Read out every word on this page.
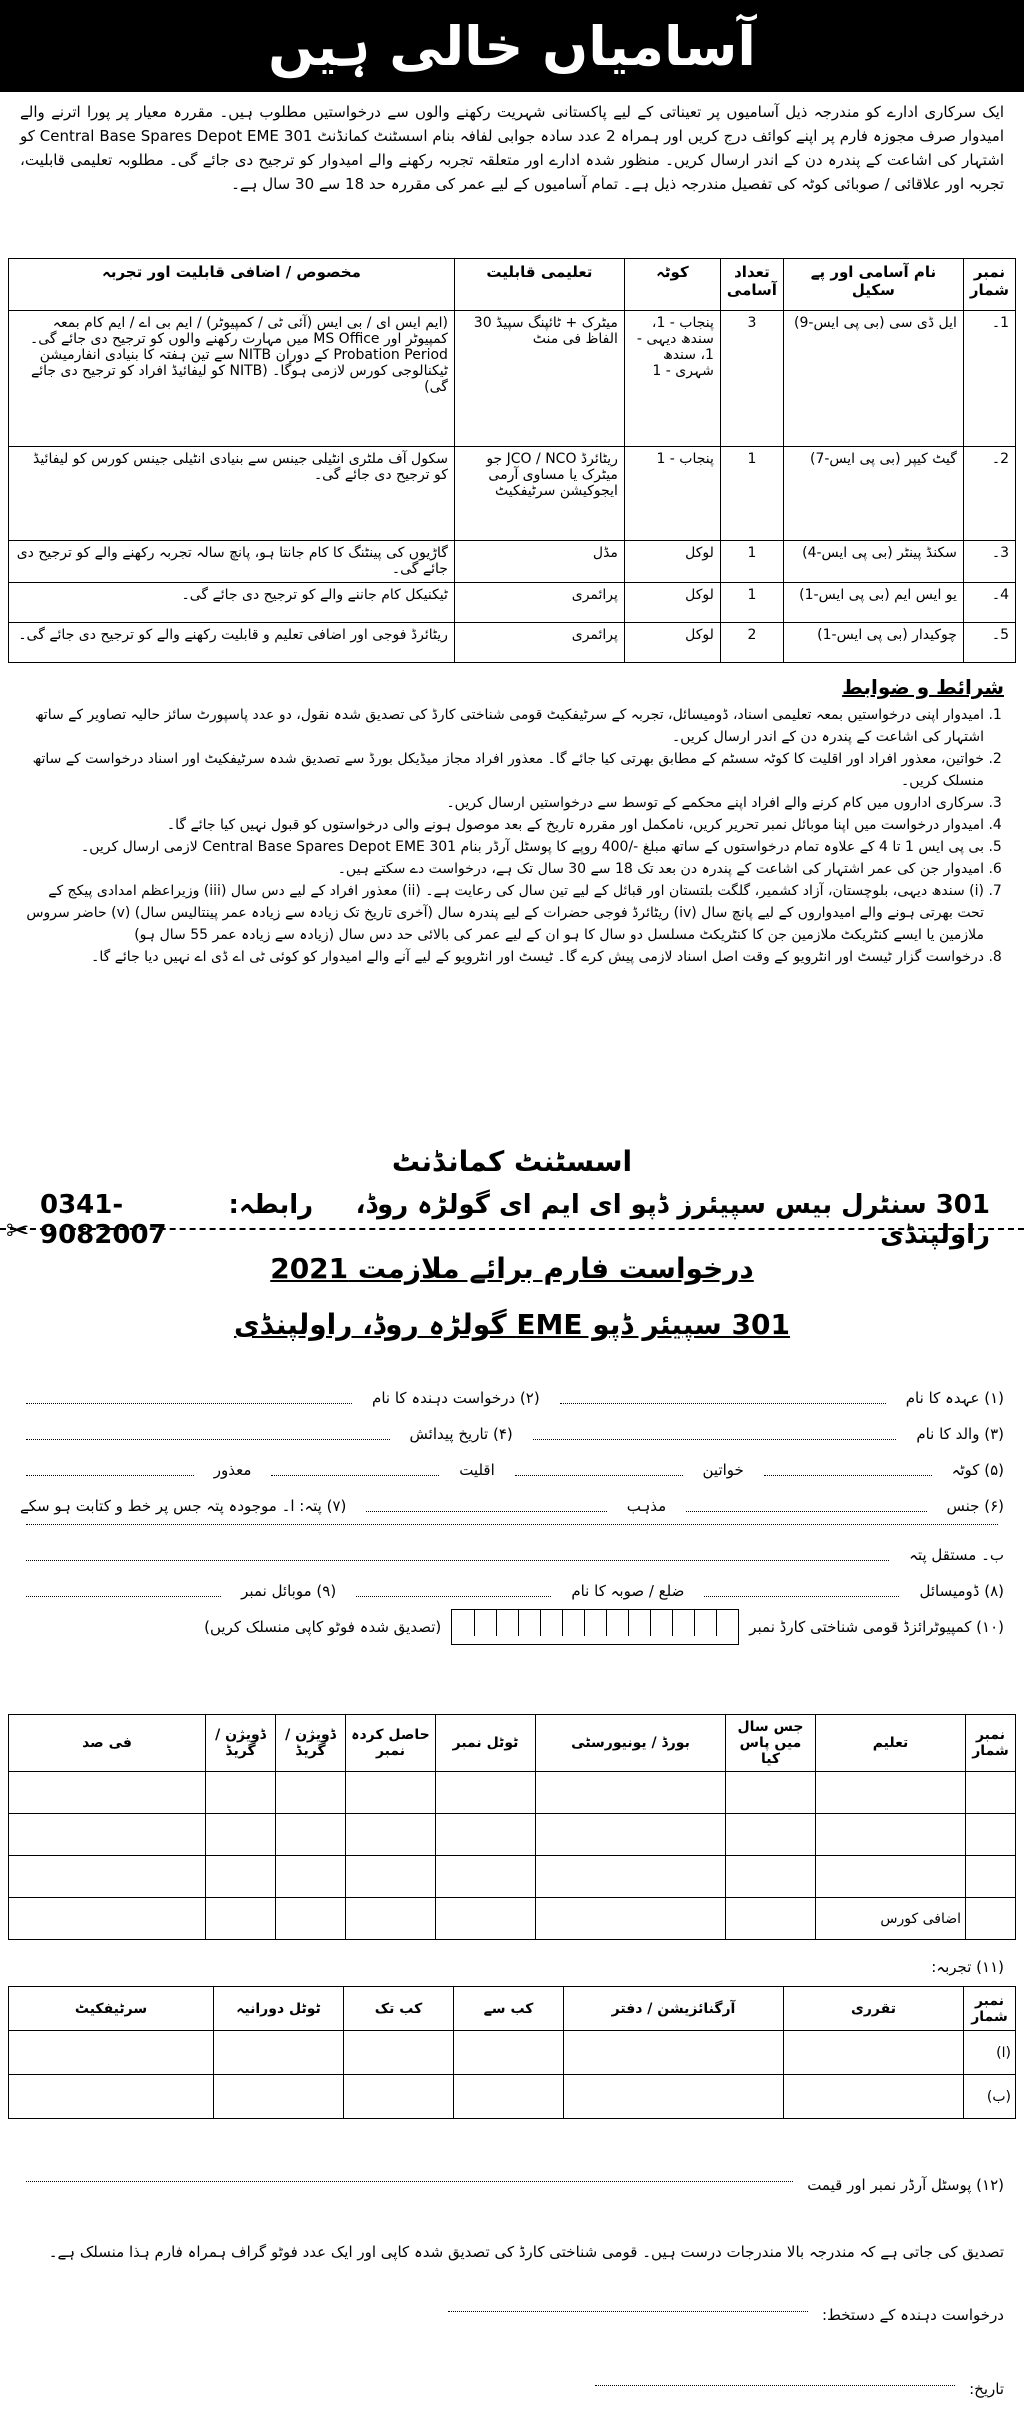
آسامیاں خالی ہیں
ایک سرکاری ادارے کو مندرجہ ذیل آسامیوں پر تعیناتی کے لیے پاکستانی شہریت رکھنے والوں سے درخواستیں مطلوب ہیں۔ مقررہ معیار پر پورا اترنے والے امیدوار صرف مجوزہ فارم پر اپنے کوائف درج کریں اور ہمراہ 2 عدد سادہ جوابی لفافہ بنام اسسٹنٹ کمانڈنٹ 301 Central Base Spares Depot EME کو اشتہار کی اشاعت کے پندرہ دن کے اندر ارسال کریں۔ منظور شدہ ادارے اور متعلقہ تجربہ رکھنے والے امیدوار کو ترجیح دی جائے گی۔ مطلوبہ تعلیمی قابلیت، تجربہ اور علاقائی / صوبائی کوٹہ کی تفصیل مندرجہ ذیل ہے۔ تمام آسامیوں کے لیے عمر کی مقررہ حد 18 سے 30 سال ہے۔
نمبر شمار	نام آسامی اور پے سکیل	تعداد آسامی	کوٹہ	تعلیمی قابلیت	مخصوص / اضافی قابلیت اور تجربہ
1۔	ایل ڈی سی (بی پی ایس-9)	3	پنجاب - 1، سندھ دیہی - 1، سندھ شہری - 1	میٹرک + ٹائپنگ سپیڈ 30 الفاظ فی منٹ	(ایم ایس ای / بی ایس (آئی ٹی / کمپیوٹر) / ایم بی اے / ایم کام بمعہ کمپیوٹر اور MS Office میں مہارت رکھنے والوں کو ترجیح دی جائے گی۔ Probation Period کے دوران NITB سے تین ہفتہ کا بنیادی انفارمیشن ٹیکنالوجی کورس لازمی ہوگا۔ (NITB کو لیفائیڈ افراد کو ترجیح دی جائے گی)
2۔	گیٹ کیپر (بی پی ایس-7)	1	پنجاب - 1	ریٹائرڈ JCO / NCO جو میٹرک یا مساوی آرمی ایجوکیشن سرٹیفکیٹ	سکول آف ملٹری انٹیلی جینس سے بنیادی انٹیلی جینس کورس کو لیفائیڈ کو ترجیح دی جائے گی۔
3۔	سکنڈ پینٹر (بی پی ایس-4)	1	لوکل	مڈل	گاڑیوں کی پینٹنگ کا کام جانتا ہو، پانچ سالہ تجربہ رکھنے والے کو ترجیح دی جائے گی۔
4۔	یو ایس ایم (بی پی ایس-1)	1	لوکل	پرائمری	ٹیکنیکل کام جاننے والے کو ترجیح دی جائے گی۔
5۔	چوکیدار (بی پی ایس-1)	2	لوکل	پرائمری	ریٹائرڈ فوجی اور اضافی تعلیم و قابلیت رکھنے والے کو ترجیح دی جائے گی۔
شرائط و ضوابط
1. امیدوار اپنی درخواستیں بمعہ تعلیمی اسناد، ڈومیسائل، تجربہ کے سرٹیفکیٹ قومی شناختی کارڈ کی تصدیق شدہ نقول، دو عدد پاسپورٹ سائز حالیہ تصاویر کے ساتھ اشتہار کی اشاعت کے پندرہ دن کے اندر ارسال کریں۔
2. خواتین، معذور افراد اور اقلیت کا کوٹہ سسٹم کے مطابق بھرتی کیا جائے گا۔ معذور افراد مجاز میڈیکل بورڈ سے تصدیق شدہ سرٹیفکیٹ اور اسناد درخواست کے ساتھ منسلک کریں۔
3. سرکاری اداروں میں کام کرنے والے افراد اپنے محکمے کے توسط سے درخواستیں ارسال کریں۔
4. امیدوار درخواست میں اپنا موبائل نمبر تحریر کریں، نامکمل اور مقررہ تاریخ کے بعد موصول ہونے والی درخواستوں کو قبول نہیں کیا جائے گا۔
5. بی پی ایس 1 تا 4 کے علاوہ تمام درخواستوں کے ساتھ مبلغ -/400 روپے کا پوسٹل آرڈر بنام 301 Central Base Spares Depot EME لازمی ارسال کریں۔
6. امیدوار جن کی عمر اشتہار کی اشاعت کے پندرہ دن بعد تک 18 سے 30 سال تک ہے، درخواست دے سکتے ہیں۔
7. (i) سندھ دیہی، بلوچستان، آزاد کشمیر، گلگت بلتستان اور قبائل کے لیے تین سال کی رعایت ہے۔ (ii) معذور افراد کے لیے دس سال (iii) وزیراعظم امدادی پیکج کے تحت بھرتی ہونے والے امیدواروں کے لیے پانچ سال (iv) ریٹائرڈ فوجی حضرات کے لیے پندرہ سال (آخری تاریخ تک زیادہ سے زیادہ عمر پینتالیس سال) (v) حاضر سروس ملازمین یا ایسے کنٹریکٹ ملازمین جن کا کنٹریکٹ مسلسل دو سال کا ہو ان کے لیے عمر کی بالائی حد دس سال (زیادہ سے زیادہ عمر 55 سال ہو)
8. درخواست گزار ٹیسٹ اور انٹرویو کے وقت اصل اسناد لازمی پیش کرے گا۔ ٹیسٹ اور انٹرویو کے لیے آنے والے امیدوار کو کوئی ٹی اے ڈی اے نہیں دیا جائے گا۔
اسسٹنٹ کمانڈنٹ
0341-9082007
رابطہ:	301 سنٹرل بیس سپیئرز ڈپو ای ایم ای گولڑہ روڈ، راولپنڈی
✂
درخواست فارم برائے ملازمت 2021
301 سپیئر ڈپو EME گولڑہ روڈ، راولپنڈی
(۱) عہدہ کا نام
(۲) درخواست دہندہ کا نام
(۳) والد کا نام
(۴) تاریخ پیدائش
(۵) کوٹہ
خواتین
اقلیت
معذور
(۶) جنس
مذہب
(۷) پتہ: ا۔ موجودہ پتہ جس پر خط و کتابت ہو سکے
ب۔ مستقل پتہ
(۸) ڈومیسائل
ضلع / صوبہ کا نام
(۹) موبائل نمبر
(۱۰) کمپیوٹرائزڈ قومی شناختی کارڈ نمبر
(تصدیق شدہ فوٹو کاپی منسلک کریں)
نمبر شمار	تعلیم	جس سال میں پاس کیا	بورڈ / یونیورسٹی	ٹوٹل نمبر	حاصل کردہ نمبر	ڈویژن / گریڈ	ڈویژن / گریڈ	فی صد

	اضافی کورس							
(۱۱) تجربہ:
نمبر شمار	تقرری	آرگنائزیشن / دفتر	کب سے	کب تک	ٹوٹل دورانیہ	سرٹیفکیٹ
(ا)						
(ب)						
(۱۲) پوسٹل آرڈر نمبر اور قیمت
تصدیق کی جاتی ہے کہ مندرجہ بالا مندرجات درست ہیں۔ قومی شناختی کارڈ کی تصدیق شدہ کاپی اور ایک عدد فوٹو گراف ہمراہ فارم ہذا منسلک ہے۔
درخواست دہندہ کے دستخط:
تاریخ:
